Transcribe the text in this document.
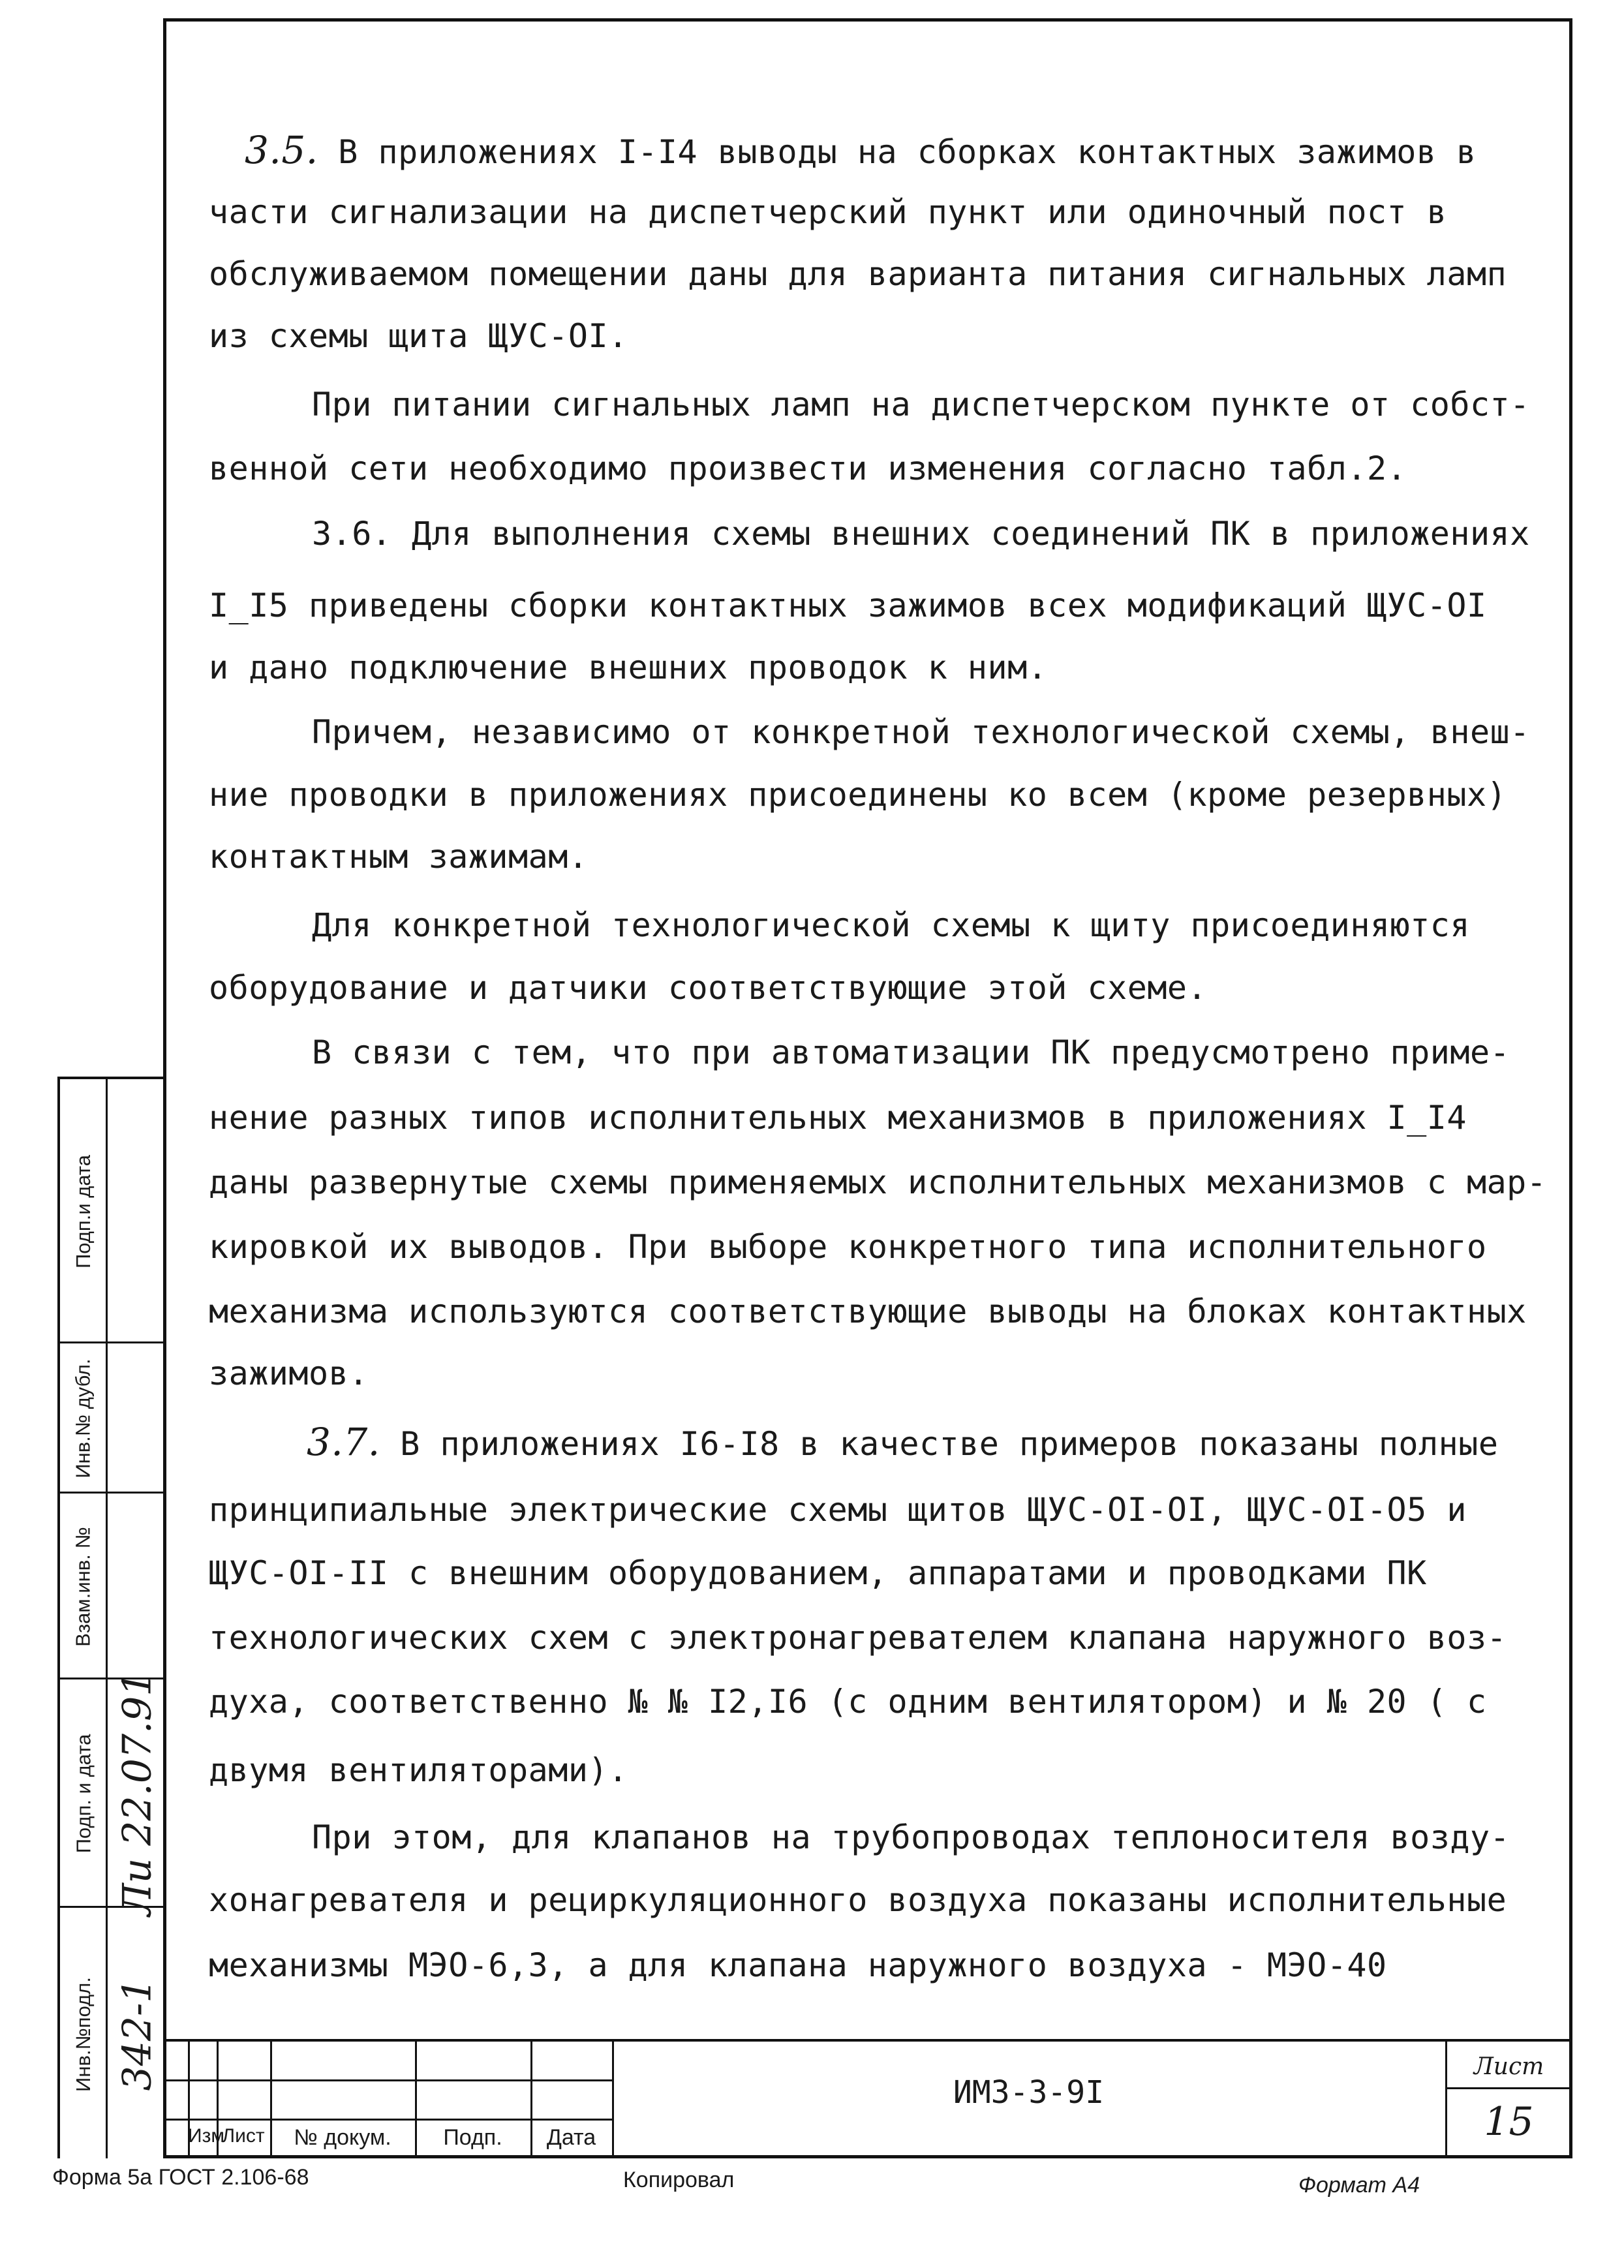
3.5. В приложениях I-I4 выводы на сборках контактных зажимов в
части сигнализации на диспетчерский пункт или одиночный пост в
обслуживаемом помещении даны для варианта питания сигнальных ламп
из схемы щита ЩУС-OI.
При питании сигнальных ламп на диспетчерском пункте от собст-
венной сети необходимо произвести изменения согласно табл.2.
3.6. Для выполнения схемы внешних соединений ПК в приложениях
I_I5 приведены сборки контактных зажимов всех модификаций ЩУС-OI
и дано подключение внешних проводок к ним.
Причем, независимо от конкретной технологической схемы, внеш-
ние проводки в приложениях присоединены ко всем (кроме резервных)
контактным зажимам.
Для конкретной технологической схемы к щиту присоединяются
оборудование и датчики соответствующие этой схеме.
В связи с тем, что при автоматизации ПК предусмотрено приме-
нение разных типов исполнительных механизмов в приложениях I_I4
даны развернутые схемы применяемых исполнительных механизмов с мар-
кировкой их выводов. При выборе конкретного типа исполнительного
механизма используются соответствующие выводы на блоках контактных
зажимов.
3.7. В приложениях I6-I8 в качестве примеров показаны полные
принципиальные электрические схемы щитов ЩУС-OI-OI, ЩУС-OI-O5 и
ЩУС-OI-II с внешним оборудованием, аппаратами и проводками ПК
технологических схем с электронагревателем клапана наружного воз-
духа, соответственно № № I2,I6 (с одним вентилятором) и № 20 ( с
двумя вентиляторами).
При этом, для клапанов на трубопроводах теплоносителя возду-
хонагревателя и рециркуляционного воздуха показаны исполнительные
механизмы МЭО-6,3, а для клапана наружного воздуха - МЭО-40
Подп.и дата
Инв.№ дубл.
Взам.инв. №
Подп. и дата Ли 22.07.91
Инв.№подл. 342-1
Изм
Лист	№ докум.	Подп.	Дата
ИМЗ-3-9I
Лист
15
Форма 5а ГОСТ 2.106-68	Копировал	Формат А4
